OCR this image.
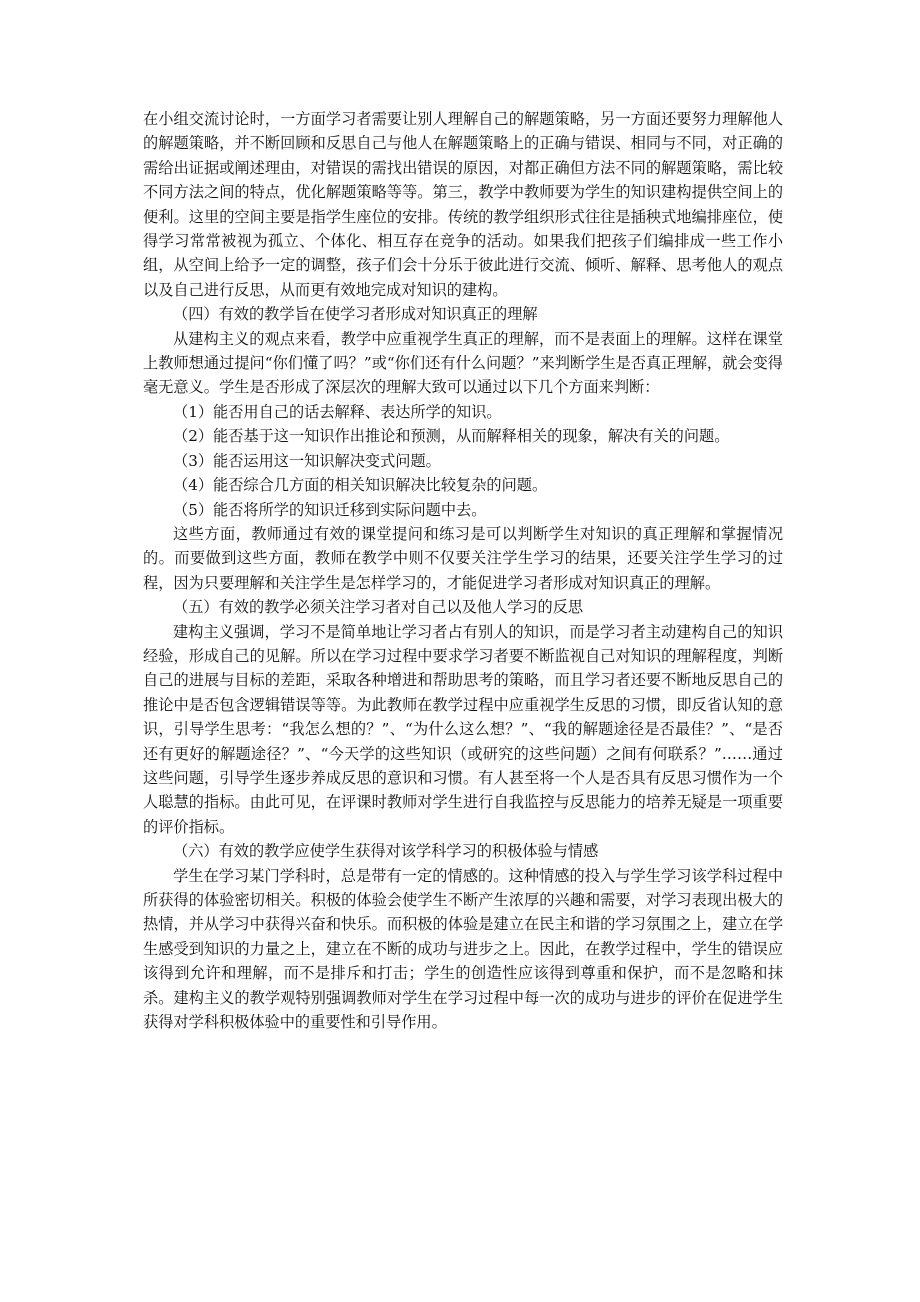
在小组交流讨论时，一方面学习者需要让别人理解自己的解题策略，另一方面还要努力理解他人的解题策略，并不断回顾和反思自己与他人在解题策略上的正确与错误、相同与不同，对正确的需给出证据或阐述理由，对错误的需找出错误的原因，对都正确但方法不同的解题策略，需比较不同方法之间的特点，优化解题策略等等。第三，教学中教师要为学生的知识建构提供空间上的便利。这里的空间主要是指学生座位的安排。传统的教学组织形式往往是插秧式地编排座位，使得学习常常被视为孤立、个体化、相互存在竞争的活动。如果我们把孩子们编排成一些工作小组，从空间上给予一定的调整，孩子们会十分乐于彼此进行交流、倾听、解释、思考他人的观点以及自己进行反思，从而更有效地完成对知识的建构。

（四）有效的教学旨在使学习者形成对知识真正的理解

从建构主义的观点来看，教学中应重视学生真正的理解，而不是表面上的理解。这样在课堂上教师想通过提问“你们懂了吗？”或“你们还有什么问题？”来判断学生是否真正理解，就会变得毫无意义。学生是否形成了深层次的理解大致可以通过以下几个方面来判断：

（1）能否用自己的话去解释、表达所学的知识。

（2）能否基于这一知识作出推论和预测，从而解释相关的现象，解决有关的问题。

（3）能否运用这一知识解决变式问题。

（4）能否综合几方面的相关知识解决比较复杂的问题。

（5）能否将所学的知识迁移到实际问题中去。

这些方面，教师通过有效的课堂提问和练习是可以判断学生对知识的真正理解和掌握情况的。而要做到这些方面，教师在教学中则不仅要关注学生学习的结果，还要关注学生学习的过程，因为只要理解和关注学生是怎样学习的，才能促进学习者形成对知识真正的理解。

（五）有效的教学必须关注学习者对自己以及他人学习的反思

建构主义强调，学习不是简单地让学习者占有别人的知识，而是学习者主动建构自己的知识经验，形成自己的见解。所以在学习过程中要求学习者要不断监视自己对知识的理解程度，判断自己的进展与目标的差距，采取各种增进和帮助思考的策略，而且学习者还要不断地反思自己的推论中是否包含逻辑错误等等。为此教师在教学过程中应重视学生反思的习惯，即反省认知的意识，引导学生思考：“我怎么想的？”、“为什么这么想？”、“我的解题途径是否最佳？”、“是否还有更好的解题途径？”、“今天学的这些知识（或研究的这些问题）之间有何联系？”……通过这些问题，引导学生逐步养成反思的意识和习惯。有人甚至将一个人是否具有反思习惯作为一个人聪慧的指标。由此可见，在评课时教师对学生进行自我监控与反思能力的培养无疑是一项重要的评价指标。

（六）有效的教学应使学生获得对该学科学习的积极体验与情感

学生在学习某门学科时，总是带有一定的情感的。这种情感的投入与学生学习该学科过程中所获得的体验密切相关。积极的体验会使学生不断产生浓厚的兴趣和需要，对学习表现出极大的热情，并从学习中获得兴奋和快乐。而积极的体验是建立在民主和谐的学习氛围之上，建立在学生感受到知识的力量之上，建立在不断的成功与进步之上。因此，在教学过程中，学生的错误应该得到允许和理解，而不是排斥和打击；学生的创造性应该得到尊重和保护，而不是忽略和抹杀。建构主义的教学观特别强调教师对学生在学习过程中每一次的成功与进步的评价在促进学生获得对学科积极体验中的重要性和引导作用。
